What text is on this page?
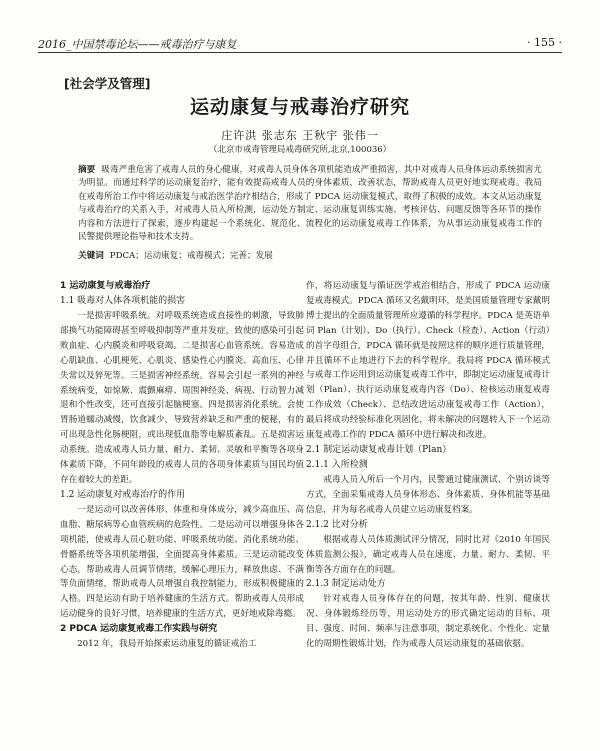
2016_中国禁毒论坛——戒毒治疗与康复	· 155 ·
[社会学及管理]
运动康复与戒毒治疗研究
庄许洪 张志东 王秋宇 张伟一
（北京市戒毒管理局戒毒研究所,北京,100036）
摘要 吸毒严重危害了戒毒人员的身心健康，对戒毒人员身体各项机能造成严重损害，其中对戒毒人员身体运动系统损害尤为明显。而通过科学的运动康复治疗，能有效提高戒毒人员的身体素质，改善状态，帮助戒毒人员更好地实现戒毒。我局在戒毒所治工作中将运动康复与戒治医学治疗相结合，形成了 PDCA 运动康复模式，取得了积极的成效。本文从运动康复与戒毒治疗的关系入手，对戒毒人员入所检测，运动处方制定、运动康复训练实施、考核评估、问题反馈等各环节的操作内容和方法进行了探索，逐步构建起一个系统化、规范化、流程化的运动康复戒毒工作体系，为从事运动康复戒毒工作的民警提供理论指导和技术支持。
关键词 PDCA；运动康复；戒毒模式；完善；发展
1 运动康复与戒毒治疗
1.1 吸毒对人体各项机能的损害

一是损害呼吸系统。对呼吸系统造成直接性的刺激，导致肺部换气功能障碍甚至呼吸抑制等严重并发症，致使的感染可引起败血症、心内膜炎和呼吸衰竭。二是损害心血管系统。容易造成心肌缺血、心肌梗死、心肌炎、感染性心内膜炎、高血压、心律失常以及猝死等。三是损害神经系统。容易会引起一系列的神经系统病变，如惊厥、震颤麻痹、周围神经炎、病视、行动智力减退和个性改变，还可直接引起脑梗塞。四是损害消化系统。会使胃肠道蠕动减慢，饮食减少，导致营养缺乏和严重的便秘，有的可出现急性化肠梗阻，或出现低血脂等电解质紊乱。五是损害运动系统。造成戒毒人员力量、耐力、柔韧、灵敏和平衡等各项身体素质下降，不同年龄段的戒毒人员的各项身体素质与国民均值存在着较大的差距。

1.2 运动康复对戒毒治疗的作用

一是运动可以改善体形、体重和身体成分，减少高血压、高血脂、糖尿病等心血管疾病的危险性。二是运动可以增强身体各项机能，使戒毒人员心脏功能、呼吸系统功能、消化系统功能、骨骼系统等各项机能增强，全面提高身体素质。三是运动能改变心态，帮助戒毒人员调节情绪，缓解心理压力，释放焦虑、不满等负面情绪，帮助戒毒人员增强自我控制能力，形成积极健康的人格。四是运动有助于培养健康的生活方式。帮助戒毒人员形成运动健身的良好习惯，培养健康的生活方式，更好地戒除毒瘾。

2 PDCA 运动康复戒毒工作实践与研究

2012 年，我局开始探索运动康复的循证戒治工

作，将运动康复与循证医学戒治相结合，形成了 PDCA 运动康复戒毒模式。PDCA 循环又名戴明环，是美国质量管理专家戴明博士提出的全面质量管理所应遵循的科学程序。PDCA 是英语单词 Plan（计划）、Do（执行）、Check（检查）、Action（行动）的首字母组合，PDCA 循环就是按照这样的顺序进行质量管理，并且循环不止地进行下去的科学程序。我局将 PDCA 循环模式与戒毒工作运用到运动康复戒毒工作中，即制定运动康复戒毒计划（Plan）、执行运动康复戒毒内容（Do）、检核运动康复戒毒工作成效（Check）、总结改进运动康复戒毒工作（Action），最后将成功经验标准化巩固化，将未解决的问题转入下一个运动康复戒毒工作的 PDCA 循环中进行解决和改进。

2.1 制定运动康复戒毒计划（Plan）
2.1.1 入所检测

戒毒人员入所后一个月内，民警通过健康测试、个别访谈等方式，全面采集戒毒人员身体形态、身体素质、身体机能等基础信息，并为每名戒毒人员建立运动康复档案。

2.1.2 比对分析

根据戒毒人员体质测试评分情况，同时比对《2010 年国民体质监测公报》，确定戒毒人员在速度、力量、耐力、柔韧、平衡等各方面存在的问题。

2.1.3 制定运动处方

针对戒毒人员身体存在的问题，按其年龄、性别、健康状况、身体锻炼经历等，用运动处方的形式确定运动的目标、项目、强度、时间、频率与注意事项，制定系统化、个性化、定量化的周期性锻炼计划，作为戒毒人员运动康复的基础依据。
